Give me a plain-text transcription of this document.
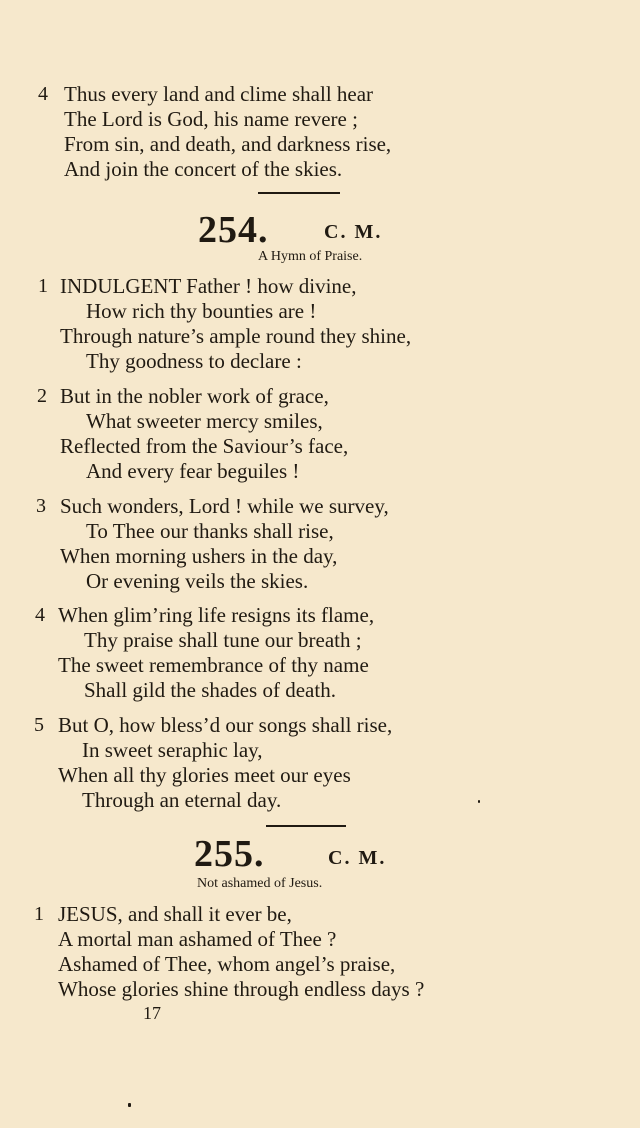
4 Thus every land and clime shall hear
The Lord is God, his name revere ;
From sin, and death, and darkness rise,
And join the concert of the skies.
254.	C. M.
A Hymn of Praise.
1 INDULGENT Father ! how divine,
How rich thy bounties are !
Through nature’s ample round they shine,
Thy goodness to declare :
2 But in the nobler work of grace,
What sweeter mercy smiles,
Reflected from the Saviour’s face,
And every fear beguiles !
3 Such wonders, Lord ! while we survey,
To Thee our thanks shall rise,
When morning ushers in the day,
Or evening veils the skies.
4 When glim’ring life resigns its flame,
Thy praise shall tune our breath ;
The sweet remembrance of thy name
Shall gild the shades of death.
5 But O, how bless’d our songs shall rise,
In sweet seraphic lay,
When all thy glories meet our eyes
Through an eternal day.
255.	C. M.
Not ashamed of Jesus.
1 JESUS, and shall it ever be,
A mortal man ashamed of Thee ?
Ashamed of Thee, whom angel’s praise,
Whose glories shine through endless days ?
17
